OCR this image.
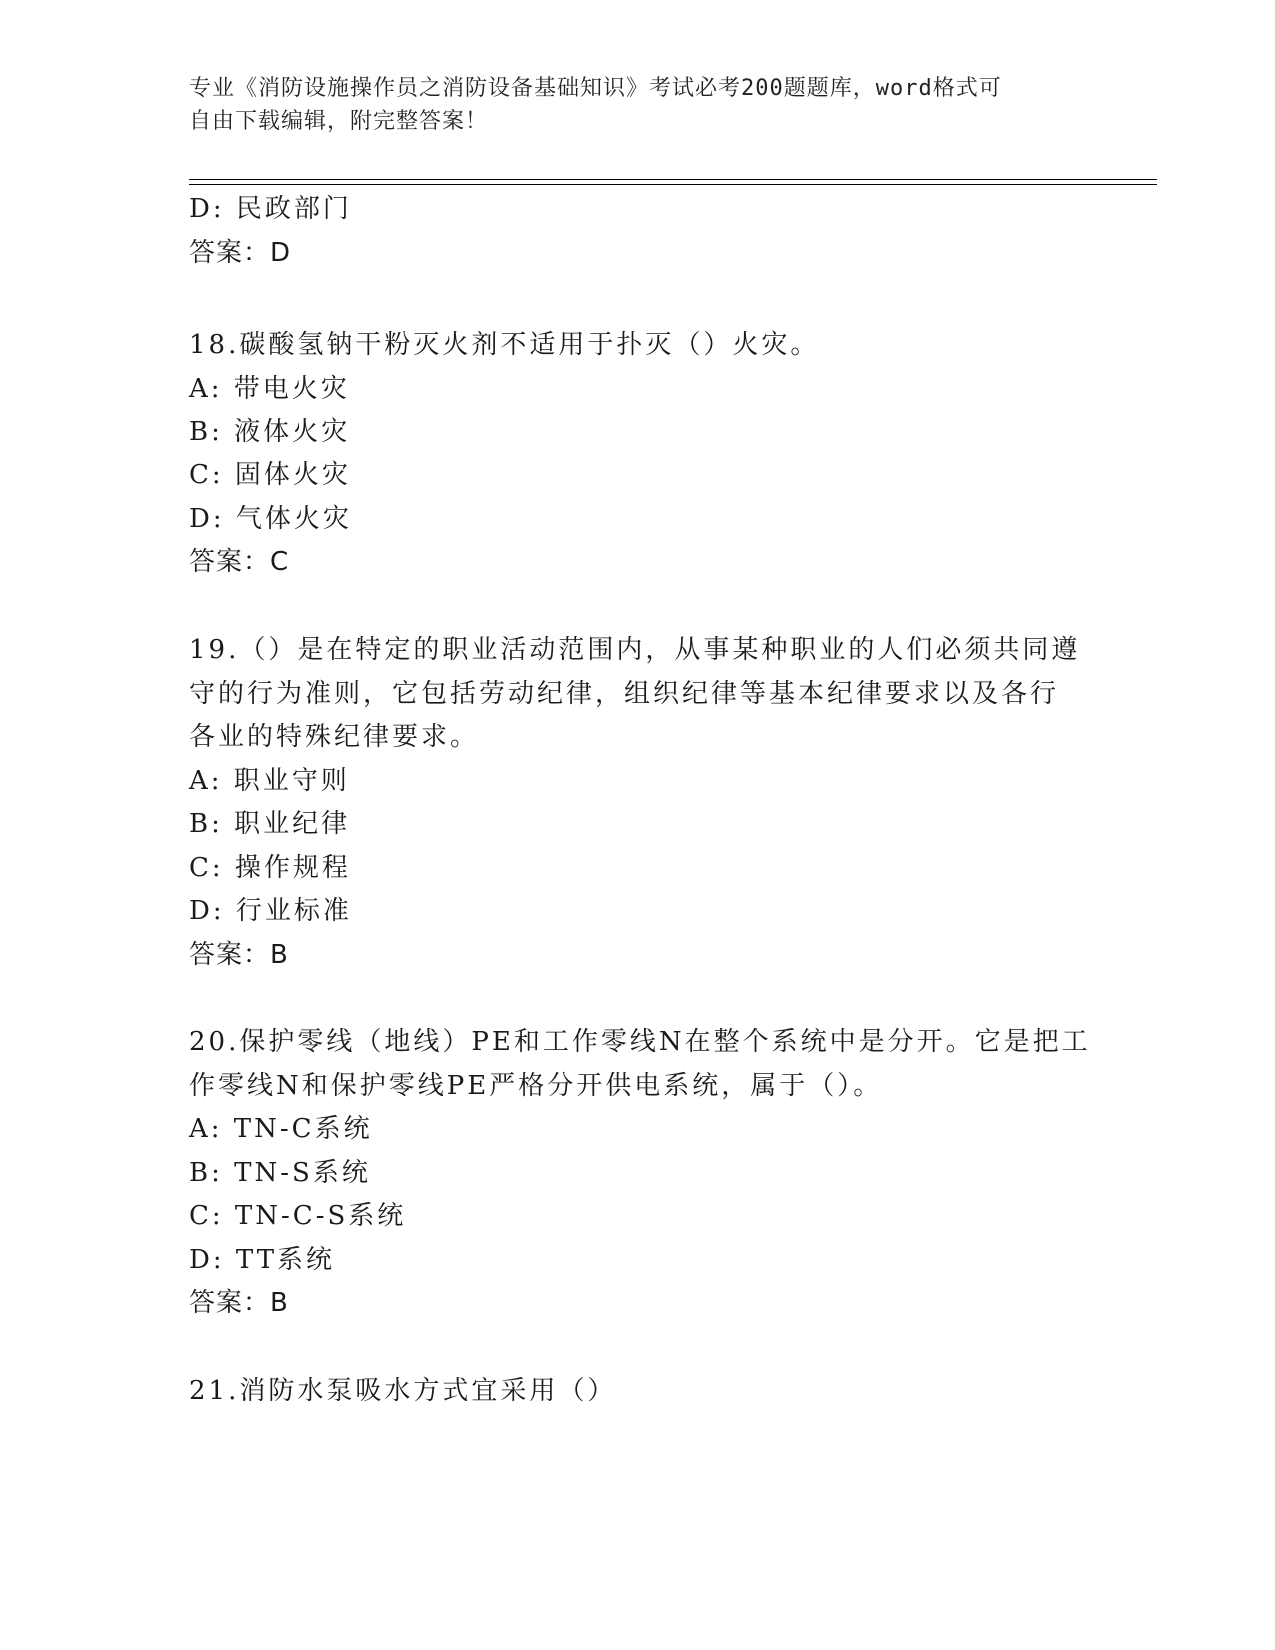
专业《消防设施操作员之消防设备基础知识》考试必考200题题库，word格式可
自由下载编辑，附完整答案！
D: 民政部门
答案：D
18.碳酸氢钠干粉灭火剂不适用于扑灭（）火灾。
A: 带电火灾
B: 液体火灾
C: 固体火灾
D: 气体火灾
答案：C
19.（）是在特定的职业活动范围内，从事某种职业的人们必须共同遵
守的行为准则，它包括劳动纪律，组织纪律等基本纪律要求以及各行
各业的特殊纪律要求。
A: 职业守则
B: 职业纪律
C: 操作规程
D: 行业标准
答案：B
20.保护零线（地线）PE和工作零线N在整个系统中是分开。它是把工
作零线N和保护零线PE严格分开供电系统，属于（）。
A: TN-C系统
B: TN-S系统
C: TN-C-S系统
D: TT系统
答案：B
21.消防水泵吸水方式宜采用（）
